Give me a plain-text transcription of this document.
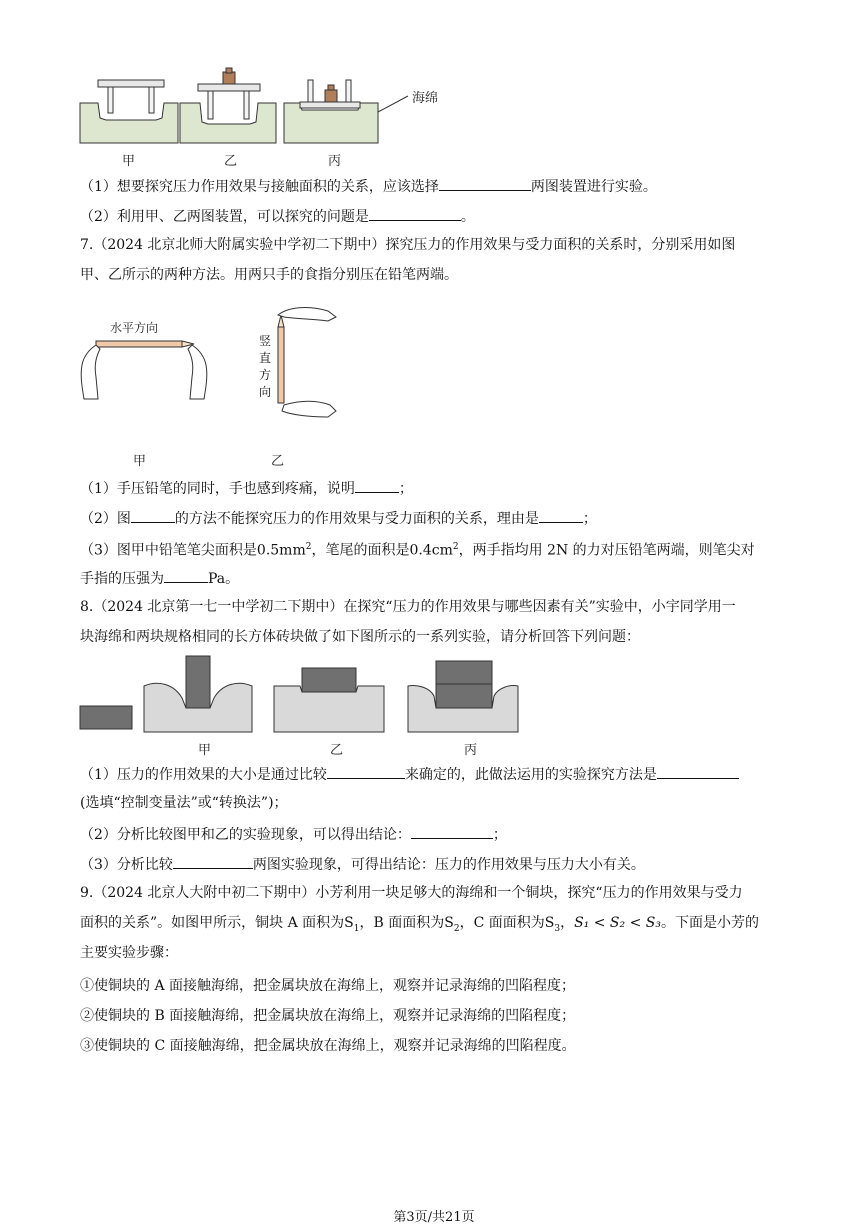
海绵
甲	乙	丙
（1）想要探究压力作用效果与接触面积的关系，应该选择	两图装置进行实验。
（2）利用甲、乙两图装置，可以探究的问题是	。
7.（2024 北京北师大附属实验中学初二下期中）探究压力的作用效果与受力面积的关系时，分别采用如图
甲、乙所示的两种方法。用两只手的食指分别压在铅笔两端。
水平方向
竖
直
方
向
甲	乙
（1）手压铅笔的同时，手也感到疼痛，说明	；
（2）图	的方法不能探究压力的作用效果与受力面积的关系，理由是	；
（3）图甲中铅笔笔尖面积是$0.5mm^2$，笔尾的面积是$0.4cm^2$，两手指均用 2N 的力对压铅笔两端，则笔尖对
手指的压强为	Pa。
8.（2024 北京第一七一中学初二下期中）在探究“压力的作用效果与哪些因素有关”实验中，小宇同学用一
块海绵和两块规格相同的长方体砖块做了如下图所示的一系列实验，请分析回答下列问题：
甲	乙	丙
（1）压力的作用效果的大小是通过比较	来确定的，此做法运用的实验探究方法是
(选填“控制变量法”或“转换法”)；
（2）分析比较图甲和乙的实验现象，可以得出结论：	；
（3）分析比较	两图实验现象，可得出结论：压力的作用效果与压力大小有关。
9.（2024 北京人大附中初二下期中）小芳利用一块足够大的海绵和一个铜块，探究“压力的作用效果与受力
面积的关系”。如图甲所示，铜块 A 面积为$S_1$，B 面面积为$S_2$，C 面面积为$S_3$，S₁ < S₂ < S₃。下面是小芳的
主要实验步骤：
①使铜块的 A 面接触海绵，把金属块放在海绵上，观察并记录海绵的凹陷程度；
②使铜块的 B 面接触海绵，把金属块放在海绵上，观察并记录海绵的凹陷程度；
③使铜块的 C 面接触海绵，把金属块放在海绵上，观察并记录海绵的凹陷程度。
第3页/共21页
